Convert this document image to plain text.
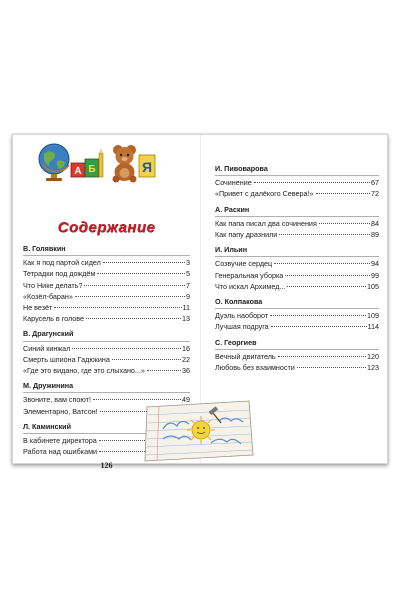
А Б	Я
Содержание
В. Голявкин
Как я под партой сидел	3
Тетрадки под дождём	5
Что Нике делать?	7
«Козёл-баран»	9
Не везёт	11
Карусель в голове	13
В. Драгунский
Синий кинжал	16
Смерть шпиона Гадюкина	22
«Где это видано, где это слыхано...»	36
М. Дружинина
Звоните, вам споют!	49
Элементарно, Ватсон!
Л. Каминский
В кабинете директора
Работа над ошибками
126
И. Пивоварова
Сочинение	67
«Привет с далёкого Севера!»	72
А. Раскин
Как папа писал два сочинения	84
Как папу дразнили	89
И. Ильин
Созвучие сердец	94
Генеральная уборка	99
Что искал Архимед...	105
О. Колпакова
Дуэль наоборот	109
Лучшая подруга	114
С. Георгиев
Вечный двигатель	120
Любовь без взаимности	123
